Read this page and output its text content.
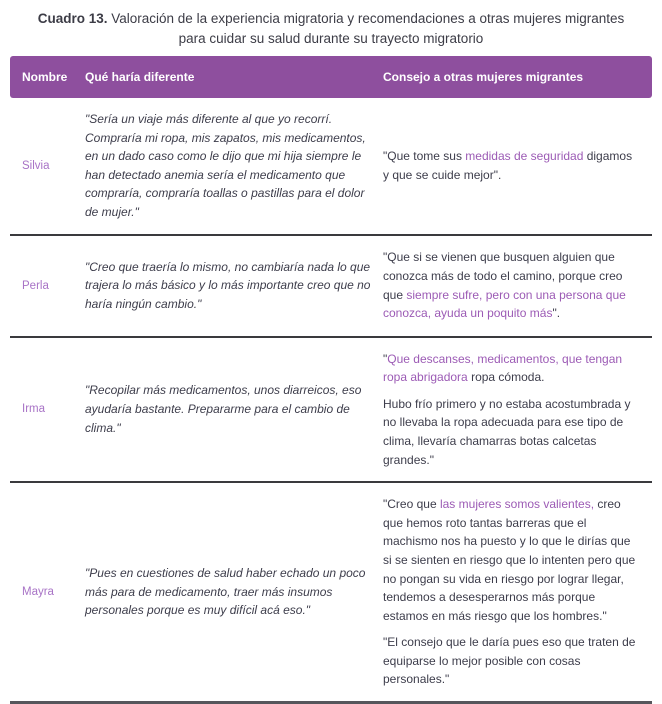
Cuadro 13. Valoración de la experiencia migratoria y recomendaciones a otras mujeres migrantes para cuidar su salud durante su trayecto migratorio
Nombre	Qué haría diferente	Consejo a otras mujeres migrantes
Silvia

"Sería un viaje más diferente al que yo recorrí. Compraría mi ropa, mis zapatos, mis medicamentos, en un dado caso como le dijo que mi hija siempre le han detectado anemia sería el medicamento que compraría, compraría toallas o pastillas para el dolor de mujer."

"Que tome sus medidas de seguridad digamos y que se cuide mejor".

Perla

"Creo que traería lo mismo, no cambiaría nada lo que trajera lo más básico y lo más importante creo que no haría ningún cambio."

"Que si se vienen que busquen alguien que conozca más de todo el camino, porque creo que siempre sufre, pero con una persona que conozca, ayuda un poquito más".

Irma

"Recopilar más medicamentos, unos diarreicos, eso ayudaría bastante. Prepararme para el cambio de clima."

"Que descanses, medicamentos, que tengan ropa abrigadora ropa cómoda.

Hubo frío primero y no estaba acostumbrada y no llevaba la ropa adecuada para ese tipo de clima, llevaría chamarras botas calcetas grandes."

Mayra

"Pues en cuestiones de salud haber echado un poco más para de medicamento, traer más insumos personales porque es muy difícil acá eso."

"Creo que las mujeres somos valientes, creo que hemos roto tantas barreras que el machismo nos ha puesto y lo que le dirías que si se sienten en riesgo que lo intenten pero que no pongan su vida en riesgo por lograr llegar, tendemos a desesperarnos más porque estamos en más riesgo que los hombres."

"El consejo que le daría pues eso que traten de equiparse lo mejor posible con cosas personales."
